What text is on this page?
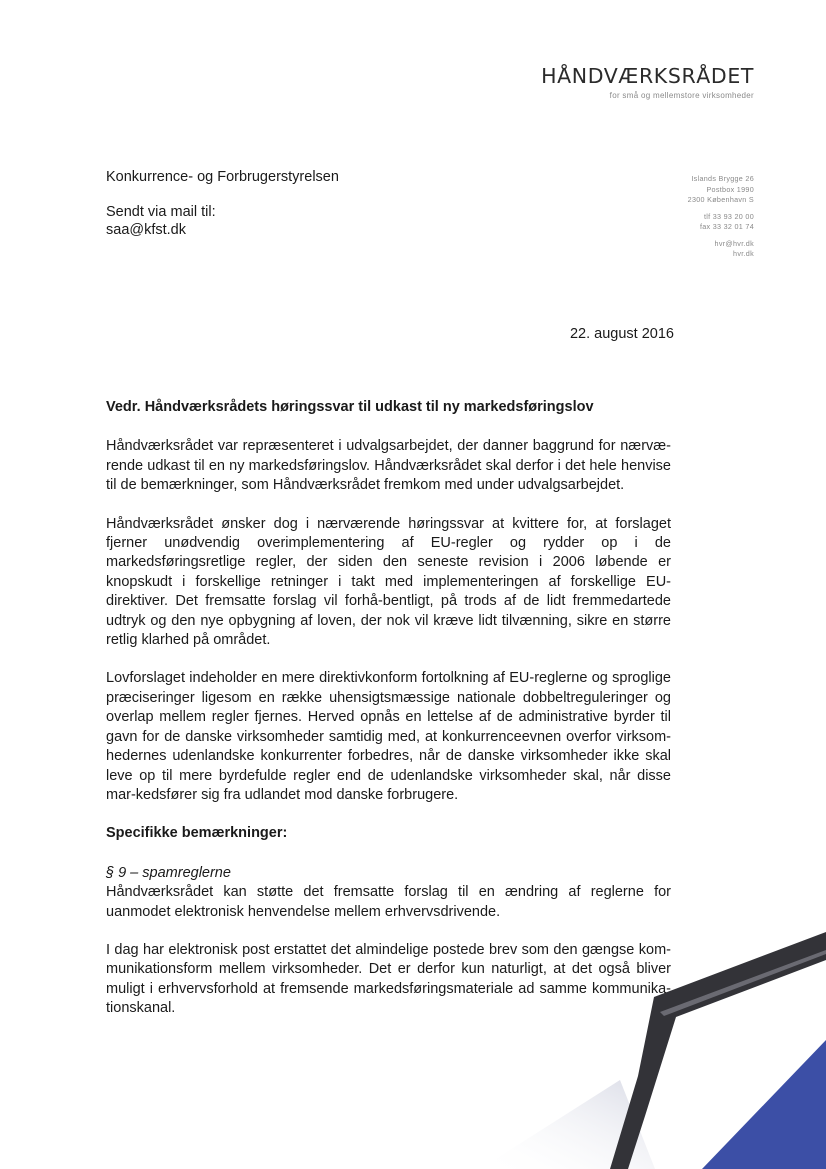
HÅNDVÆRKSRÅDET
for små og mellemstore virksomheder
Konkurrence- og Forbrugerstyrelsen
Sendt via mail til:
saa@kfst.dk
Islands Brygge 26
Postbox 1990
2300 København S
tlf 33 93 20 00
fax 33 32 01 74
hvr@hvr.dk
hvr.dk
22. august 2016
Vedr. Håndværksrådets høringssvar til udkast til ny markedsføringslov

Håndværksrådet var repræsenteret i udvalgsarbejdet, der danner baggrund for nærvæ-rende udkast til en ny markedsføringslov. Håndværksrådet skal derfor i det hele henvise til de bemærkninger, som Håndværksrådet fremkom med under udvalgsarbejdet.

Håndværksrådet ønsker dog i nærværende høringssvar at kvittere for, at forslaget fjerner unødvendig overimplementering af EU-regler og rydder op i de markedsføringsretlige regler, der siden den seneste revision i 2006 løbende er knopskudt i forskellige retninger i takt med implementeringen af forskellige EU-direktiver. Det fremsatte forslag vil forhå-bentligt, på trods af de lidt fremmedartede udtryk og den nye opbygning af loven, der nok vil kræve lidt tilvænning, sikre en større retlig klarhed på området.

Lovforslaget indeholder en mere direktivkonform fortolkning af EU-reglerne og sproglige præciseringer ligesom en række uhensigtsmæssige nationale dobbeltreguleringer og overlap mellem regler fjernes. Herved opnås en lettelse af de administrative byrder til gavn for de danske virksomheder samtidig med, at konkurrenceevnen overfor virksom-hedernes udenlandske konkurrenter forbedres, når de danske virksomheder ikke skal leve op til mere byrdefulde regler end de udenlandske virksomheder skal, når disse mar-kedsfører sig fra udlandet mod danske forbrugere.

Specifikke bemærkninger:

§ 9 – spamreglerne
Håndværksrådet kan støtte det fremsatte forslag til en ændring af reglerne for uanmodet elektronisk henvendelse mellem erhvervsdrivende.

I dag har elektronisk post erstattet det almindelige postede brev som den gængse kom-munikationsform mellem virksomheder. Det er derfor kun naturligt, at det også bliver muligt i erhvervsforhold at fremsende markedsføringsmateriale ad samme kommunika-tionskanal.
